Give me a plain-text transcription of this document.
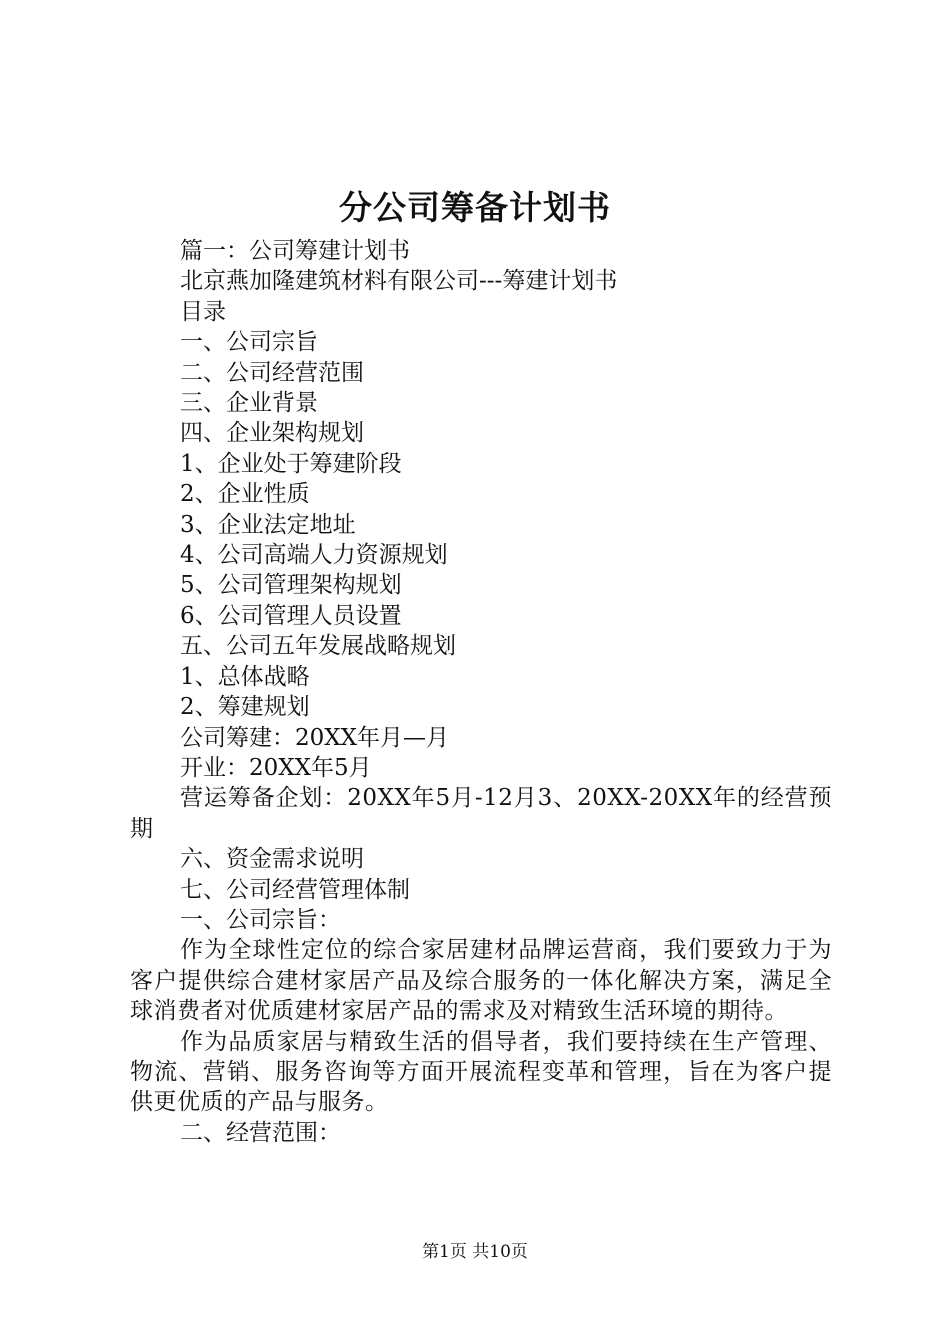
分公司筹备计划书

篇一：公司筹建计划书

北京燕加隆建筑材料有限公司---筹建计划书

目录

一、公司宗旨

二、公司经营范围

三、企业背景

四、企业架构规划

1、企业处于筹建阶段

2、企业性质

3、企业法定地址

4、公司高端人力资源规划

5、公司管理架构规划

6、公司管理人员设置

五、公司五年发展战略规划

1、总体战略

2、筹建规划

公司筹建：20XX年月—月

开业：20XX年5月

营运筹备企划：20XX年5月-12月3、20XX-20XX年的经营预期

六、资金需求说明

七、公司经营管理体制

一、公司宗旨：

作为全球性定位的综合家居建材品牌运营商，我们要致力于为客户提供综合建材家居产品及综合服务的一体化解决方案，满足全球消费者对优质建材家居产品的需求及对精致生活环境的期待。

作为品质家居与精致生活的倡导者，我们要持续在生产管理、物流、营销、服务咨询等方面开展流程变革和管理，旨在为客户提供更优质的产品与服务。

二、经营范围：

第1页 共10页
